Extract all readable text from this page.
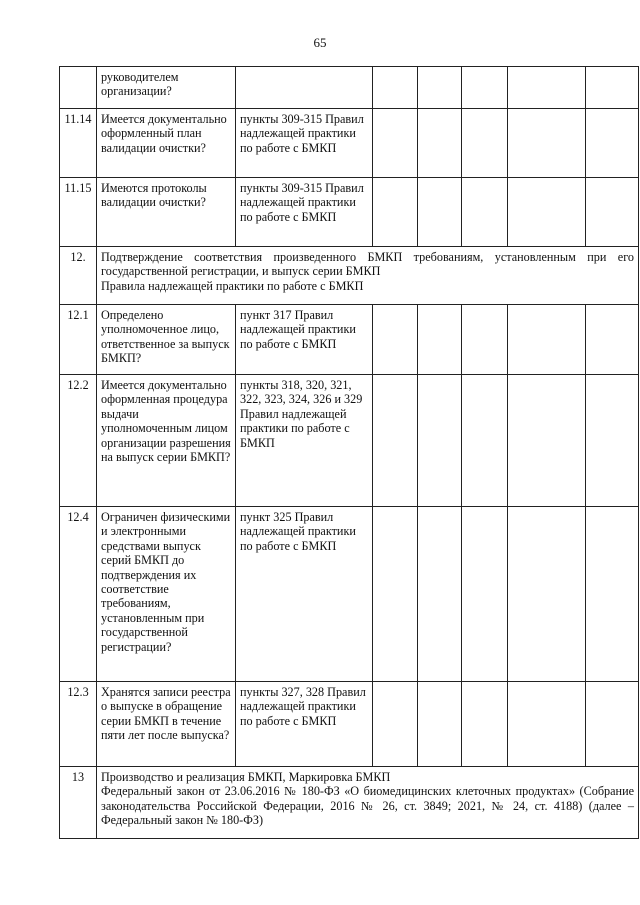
65
	руководителем организации?						
11.14	Имеется документально оформленный план валидации очистки?	пункты 309-315 Правил надлежащей практики по работе с БМКП					
11.15	Имеются протоколы валидации очистки?	пункты 309-315 Правил надлежащей практики по работе с БМКП					
12.	Подтверждение соответствия произведенного БМКП требованиям, установленным при его государственной регистрации, и выпуск серии БМКП
Правила надлежащей практики по работе с БМКП						

12.1	Определено уполномоченное лицо, ответственное за выпуск БМКП?	пункт 317 Правил надлежащей практики по работе с БМКП					
12.2	Имеется документально оформленная процедура выдачи уполномоченным лицом организации разрешения на выпуск серии БМКП?	пункты 318, 320, 321, 322, 323, 324, 326 и 329 Правил надлежащей практики по работе с БМКП					
12.4	Ограничен физическими и электронными средствами выпуск серий БМКП до подтверждения их соответствие требованиям, установленным при государственной регистрации?	пункт 325 Правил надлежащей практики по работе с БМКП					
12.3	Хранятся записи реестра о выпуске в обращение серии БМКП в течение пяти лет после выпуска?	пункты 327, 328 Правил надлежащей практики по работе с БМКП					
13	Производство и реализация БМКП, Маркировка БМКП
Федеральный закон от 23.06.2016 № 180-ФЗ «О биомедицинских клеточных продуктах» (Собрание законодательства Российской Федерации, 2016 № 26, ст. 3849; 2021, № 24, ст. 4188) (далее – Федеральный закон № 180-ФЗ)						
